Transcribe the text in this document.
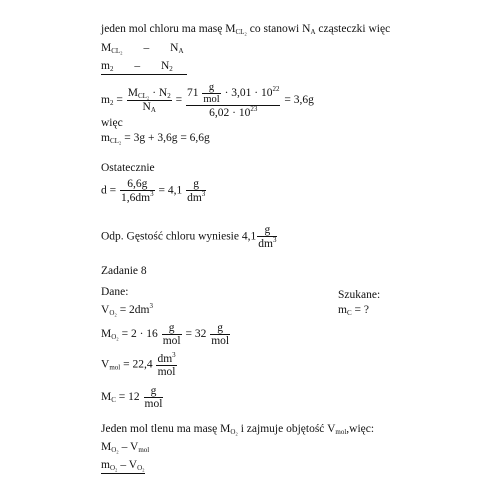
jeden mol chloru ma masę $M_{CL_2}$ co stanowi $N_A$ cząsteczki więc
$M_{CL_2} - N_A$
$m_2 - N_2$
$m_2 = \frac{M_{CL_2} \cdot N_2}{N_A} = \frac{71 \frac{g}{\text{mol}} \cdot 3,01 \cdot 10^{22}}{6,02 \cdot 10^{23}} = 3,6g$
więc
$m_{CL_2} = 3g + 3,6g = 6,6g$
Ostatecznie
$d = \frac{6,6g}{1,6dm^3} = 4,1 \frac{g}{dm^3}$
Odp. Gęstość chloru wyniesie $4,1 \frac{g}{dm^3}$
Zadanie 8
Dane:
$V_{O_2} = 2dm^3$
$M_{O_2} = 2 \cdot 16 \frac{g}{\text{mol}} = 32 \frac{g}{\text{mol}}$
$V_{mol} = 22,4 \frac{dm^3}{\text{mol}}$
$M_C = 12 \frac{g}{\text{mol}}$
Szukane:
$m_C$ = ?
Jeden mol tlenu ma masę $M_{O_2}$ i zajmuje objętość $V_{mol},więc$:
$M_{O_2} - V_{mol}$
$m_{O_2} - V_{O_2}$
